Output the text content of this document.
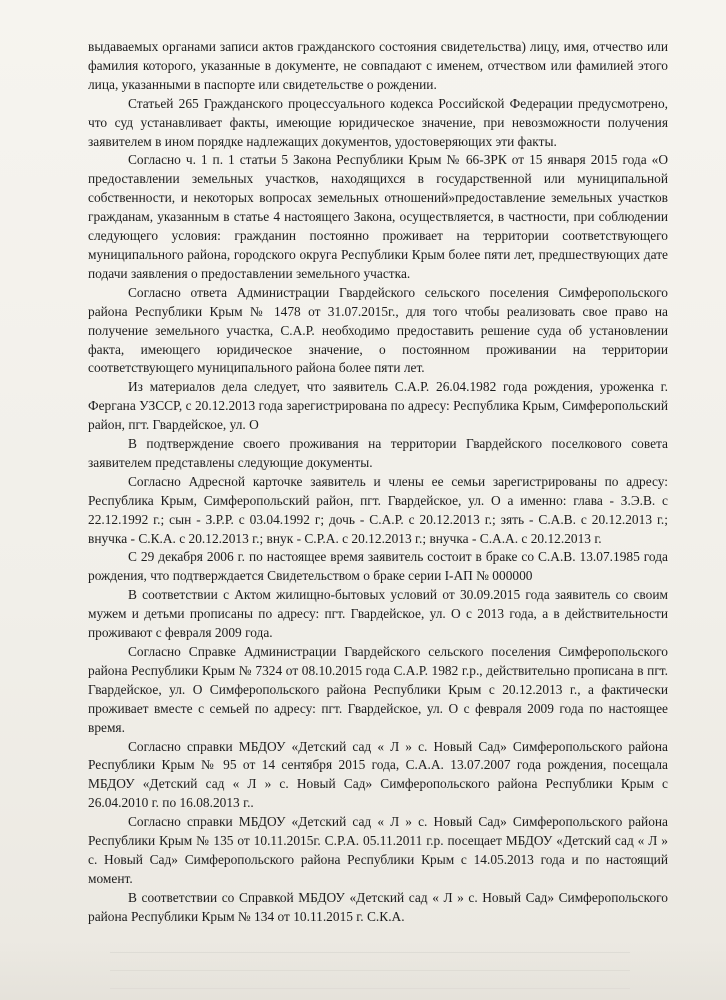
выдаваемых органами записи актов гражданского состояния свидетельства) лицу, имя, отчество или фамилия которого, указанные в документе, не совпадают с именем, отчеством или фамилией этого лица, указанными в паспорте или свидетельстве о рождении.

Статьей 265 Гражданского процессуального кодекса Российской Федерации предусмотрено, что суд устанавливает факты, имеющие юридическое значение, при невозможности получения заявителем в ином порядке надлежащих документов, удостоверяющих эти факты.

Согласно ч. 1 п. 1 статьи 5 Закона Республики Крым № 66-ЗРК от 15 января 2015 года «О предоставлении земельных участков, находящихся в государственной или муниципальной собственности, и некоторых вопросах земельных отношений»предоставление земельных участков гражданам, указанным в статье 4 настоящего Закона, осуществляется, в частности, при соблюдении следующего условия: гражданин постоянно проживает на территории соответствующего муниципального района, городского округа Республики Крым более пяти лет, предшествующих дате подачи заявления о предоставлении земельного участка.

Согласно ответа Администрации Гвардейского сельского поселения Симферопольского района Республики Крым № 1478 от 31.07.2015г., для того чтобы реализовать свое право на получение земельного участка, С.А.Р. необходимо предоставить решение суда об установлении факта, имеющего юридическое значение, о постоянном проживании на территории соответствующего муниципального района более пяти лет.

Из материалов дела следует, что заявитель С.А.Р. 26.04.1982 года рождения, уроженка г. Фергана УЗССР, с 20.12.2013 года зарегистрирована по адресу: Республика Крым, Симферопольский район, пгт. Гвардейское, ул. О

В подтверждение своего проживания на территории Гвардейского поселкового совета заявителем представлены следующие документы.

Согласно Адресной карточке заявитель и члены ее семьи зарегистрированы по адресу: Республика Крым, Симферопольский район, пгт. Гвардейское, ул. О а именно: глава - З.Э.В. с 22.12.1992 г.; сын - З.Р.Р. с 03.04.1992 г; дочь - С.А.Р. с 20.12.2013 г.; зять - С.А.В. с 20.12.2013 г.; внучка - С.К.А. с 20.12.2013 г.; внук - С.Р.А. с 20.12.2013 г.; внучка - С.А.А. с 20.12.2013 г.

С 29 декабря 2006 г. по настоящее время заявитель состоит в браке со С.А.В. 13.07.1985 года рождения, что подтверждается Свидетельством о браке серии I-АП № 000000

В соответствии с Актом жилищно-бытовых условий от 30.09.2015 года заявитель со своим мужем и детьми прописаны по адресу: пгт. Гвардейское, ул. О с 2013 года, а в действительности проживают с февраля 2009 года.

Согласно Справке Администрации Гвардейского сельского поселения Симферопольского района Республики Крым № 7324 от 08.10.2015 года С.А.Р. 1982 г.р., действительно прописана в пгт. Гвардейское, ул. О Симферопольского района Республики Крым с 20.12.2013 г., а фактически проживает вместе с семьей по адресу: пгт. Гвардейское, ул. О с февраля 2009 года по настоящее время.

Согласно справки МБДОУ «Детский сад « Л » с. Новый Сад» Симферопольского района Республики Крым № 95 от 14 сентября 2015 года, С.А.А. 13.07.2007 года рождения, посещала МБДОУ «Детский сад « Л » с. Новый Сад» Симферопольского района Республики Крым с 26.04.2010 г. по 16.08.2013 г..

Согласно справки МБДОУ «Детский сад « Л » с. Новый Сад» Симферопольского района Республики Крым № 135 от 10.11.2015г. С.Р.А. 05.11.2011 г.р. посещает МБДОУ «Детский сад « Л » с. Новый Сад» Симферопольского района Республики Крым с 14.05.2013 года и по настоящий момент.

В соответствии со Справкой МБДОУ «Детский сад « Л » с. Новый Сад» Симферопольского района Республики Крым № 134 от 10.11.2015 г. С.К.А.
